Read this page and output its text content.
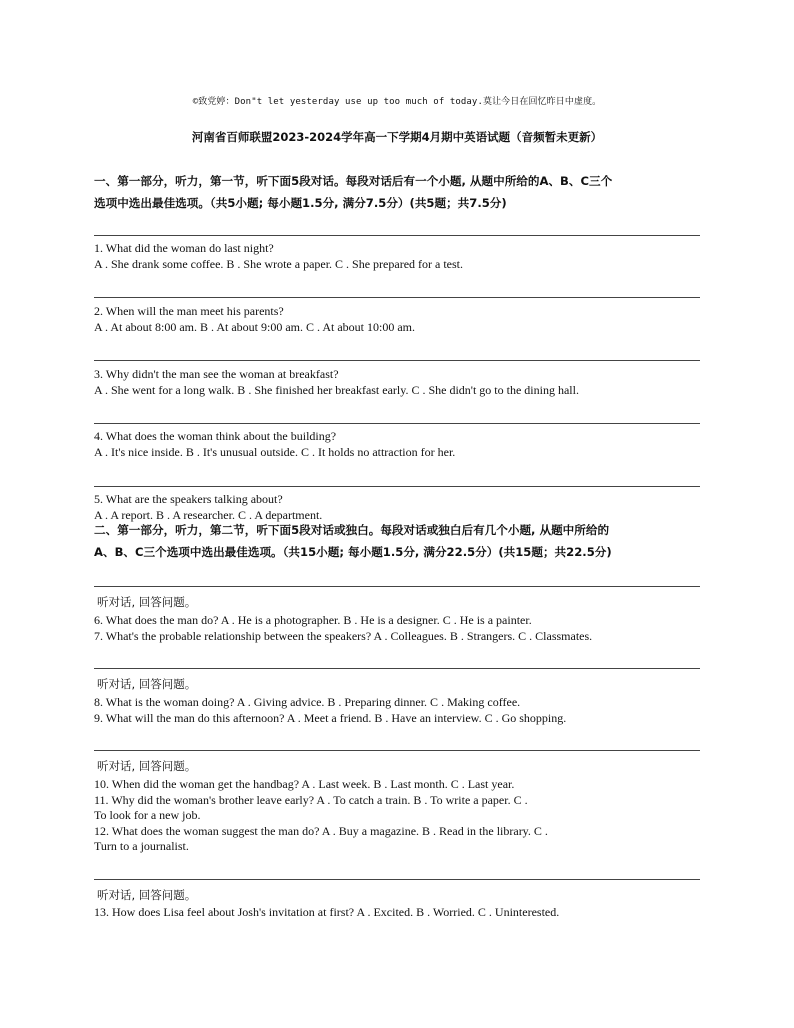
©致党婷：Don"t let yesterday use up too much of today.莫让今日在回忆昨日中虚度。
河南省百师联盟2023-2024学年高一下学期4月期中英语试题（音频暂未更新）
一、第一部分，听力，第一节，听下面5段对话。每段对话后有一个小题, 从题中所给的A、B、C三个
选项中选出最佳选项。（共5小题; 每小题1.5分, 满分7.5分）(共5题；共7.5分)
1. What did the woman do last night?
A . She drank some coffee. B . She wrote a paper. C . She prepared for a test.
2. When will the man meet his parents?
A . At about 8:00 am. B . At about 9:00 am. C . At about 10:00 am.
3. Why didn't the man see the woman at breakfast?
A . She went for a long walk. B . She finished her breakfast early. C . She didn't go to the dining hall.
4. What does the woman think about the building?
A . It's nice inside. B . It's unusual outside. C . It holds no attraction for her.
5. What are the speakers talking about?
A . A report. B . A researcher. C . A department.
二、第一部分，听力，第二节，听下面5段对话或独白。每段对话或独白后有几个小题, 从题中所给的
A、B、C三个选项中选出最佳选项。（共15小题; 每小题1.5分, 满分22.5分）(共15题；共22.5分)
听对话, 回答问题。
6. What does the man do? A . He is a photographer. B . He is a designer. C . He is a painter.
7. What's the probable relationship between the speakers? A . Colleagues. B . Strangers. C . Classmates.
听对话, 回答问题。
8. What is the woman doing? A . Giving advice. B . Preparing dinner. C . Making coffee.
9. What will the man do this afternoon? A . Meet a friend. B . Have an interview. C . Go shopping.
听对话, 回答问题。
10. When did the woman get the handbag? A . Last week. B . Last month. C . Last year.
11. Why did the woman's brother leave early? A . To catch a train. B . To write a paper. C .
To look for a new job.
12. What does the woman suggest the man do? A . Buy a magazine. B . Read in the library. C .
Turn to a journalist.
听对话, 回答问题。
13. How does Lisa feel about Josh's invitation at first? A . Excited. B . Worried. C . Uninterested.
